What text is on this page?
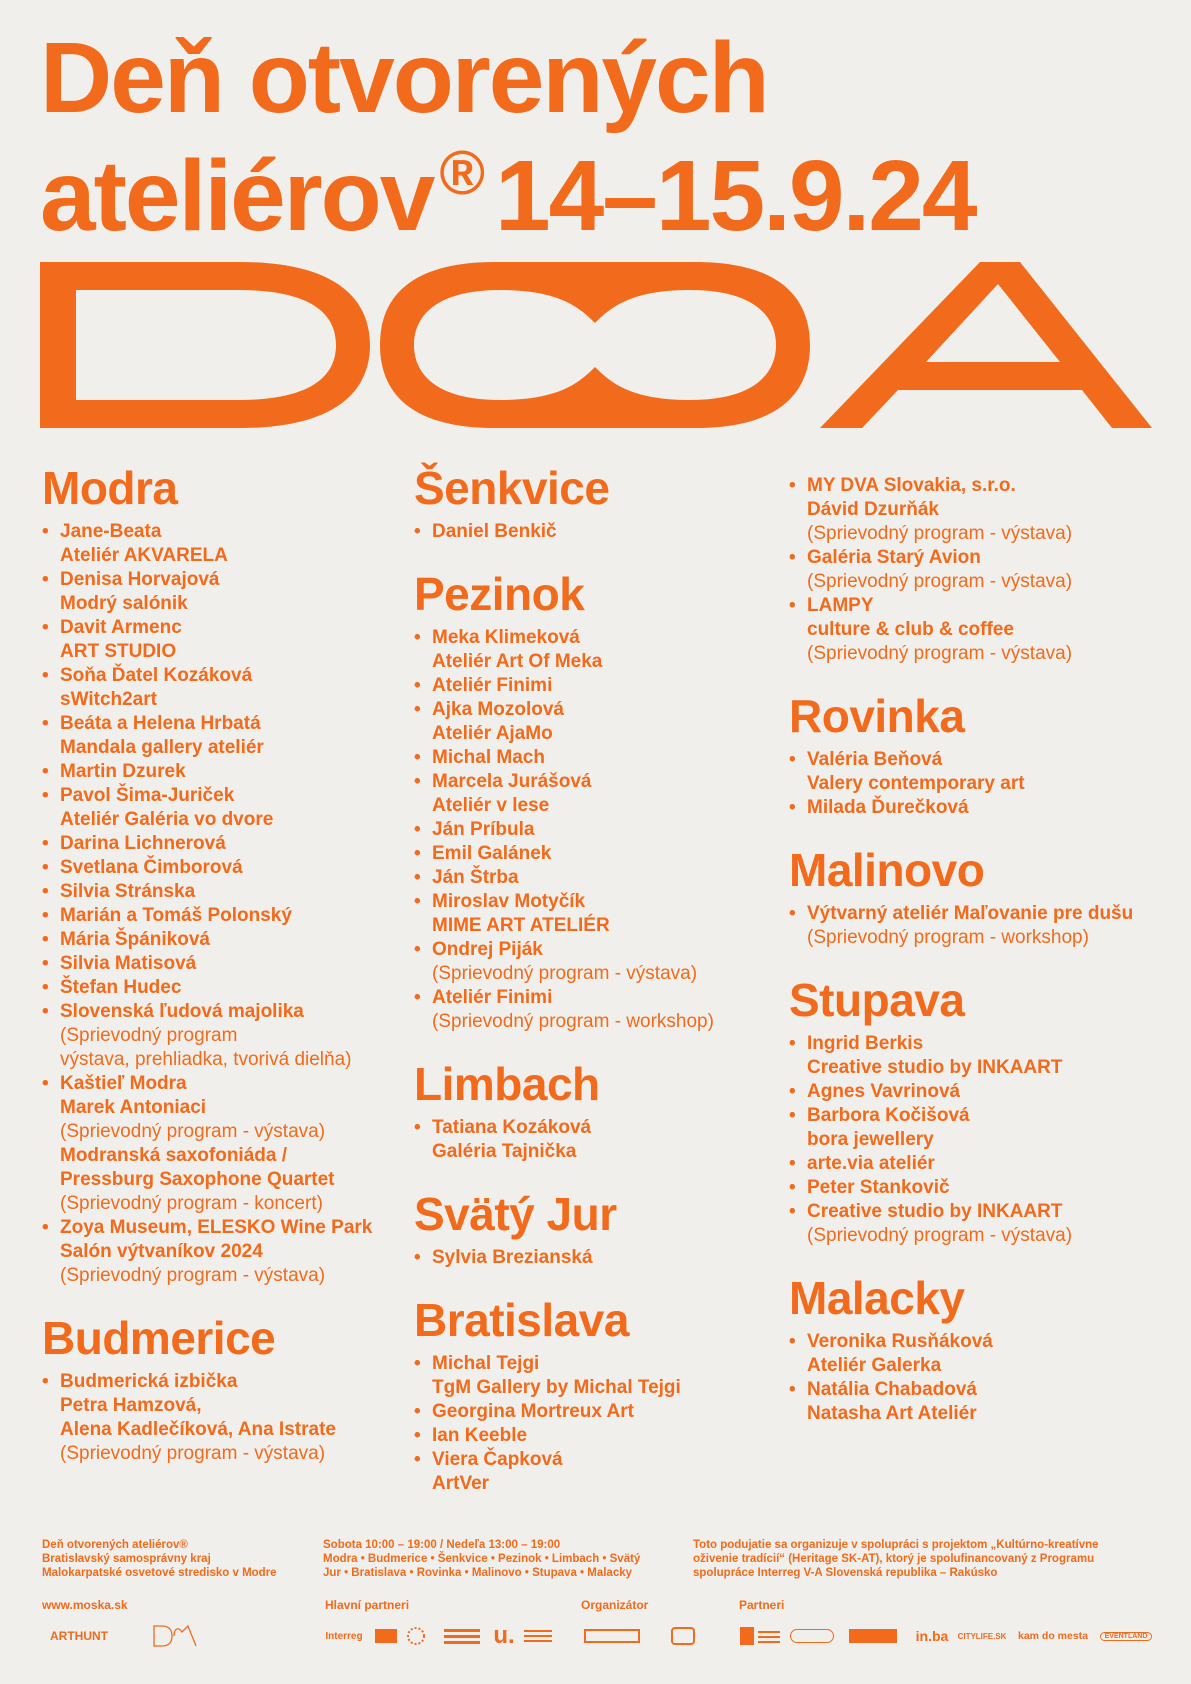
Deň otvorených
ateliérov® 14–15.9.24
Modra
• Jane-Beata
Ateliér AKVARELA
• Denisa Horvajová
Modrý salónik
• Davit Armenc
ART STUDIO
• Soňa Ďatel Kozáková
sWitch2art
• Beáta a Helena Hrbatá
Mandala gallery ateliér
• Martin Dzurek
• Pavol Šima-Juriček
Ateliér Galéria vo dvore
• Darina Lichnerová
• Svetlana Čimborová
• Silvia Stránska
• Marián a Tomáš Polonský
• Mária Špániková
• Silvia Matisová
• Štefan Hudec
• Slovenská ľudová majolika
(Sprievodný program
výstava, prehliadka, tvorivá dielňa)
• Kaštieľ Modra
Marek Antoniaci
(Sprievodný program - výstava)
Modranská saxofoniáda /
Pressburg Saxophone Quartet
(Sprievodný program - koncert)
• Zoya Museum, ELESKO Wine Park
Salón výtvaníkov 2024
(Sprievodný program - výstava)
Budmerice
• Budmerická izbička
Petra Hamzová,
Alena Kadlečíková, Ana Istrate
(Sprievodný program - výstava)
Šenkvice
• Daniel Benkič
Pezinok
• Meka Klimeková
Ateliér Art Of Meka
• Ateliér Finimi
• Ajka Mozolová
Ateliér AjaMo
• Michal Mach
• Marcela Jurášová
Ateliér v lese
• Ján Príbula
• Emil Galánek
• Ján Štrba
• Miroslav Motyčík
MIME ART ATELIÉR
• Ondrej Piják
(Sprievodný program - výstava)
• Ateliér Finimi
(Sprievodný program - workshop)
Limbach
• Tatiana Kozáková
Galéria Tajnička
Svätý Jur
• Sylvia Brezianská
Bratislava
• Michal Tejgi
TgM Gallery by Michal Tejgi
• Georgina Mortreux Art
• Ian Keeble
• Viera Čapková
ArtVer
• MY DVA Slovakia, s.r.o.
Dávid Dzurňák
(Sprievodný program - výstava)
• Galéria Starý Avion
(Sprievodný program - výstava)
• LAMPY
culture & club & coffee
(Sprievodný program - výstava)
Rovinka
• Valéria Beňová
Valery contemporary art
• Milada Ďurečková
Malinovo
• Výtvarný ateliér Maľovanie pre dušu
(Sprievodný program - workshop)
Stupava
• Ingrid Berkis
Creative studio by INKAART
• Agnes Vavrinová
• Barbora Kočišová
bora jewellery
• arte.via ateliér
• Peter Stankovič
• Creative studio by INKAART
(Sprievodný program - výstava)
Malacky
• Veronika Rusňáková
Ateliér Galerka
• Natália Chabadová
Natasha Art Ateliér
Deň otvorených ateliérov®
Bratislavský samosprávny kraj
Malokarpatské osvetové stredisko v Modre
Sobota 10:00 – 19:00 / Nedeľa 13:00 – 19:00
Modra • Budmerice • Šenkvice • Pezinok • Limbach • Svätý
Jur • Bratislava • Rovinka • Malinovo • Stupava • Malacky
Toto podujatie sa organizuje v spolupráci s projektom „Kultúrno-kreatívne
oživenie tradícií“ (Heritage SK-AT), ktorý je spolufinancovaný z Programu
spolupráce Interreg V-A Slovenská republika – Rakúsko
www.moska.sk	Hlavní partneri	Organizátor	Partneri
ARTHUNT	Interreg	u.	in.ba CITYLIFE.SK kam do mesta	EVENTLAND
